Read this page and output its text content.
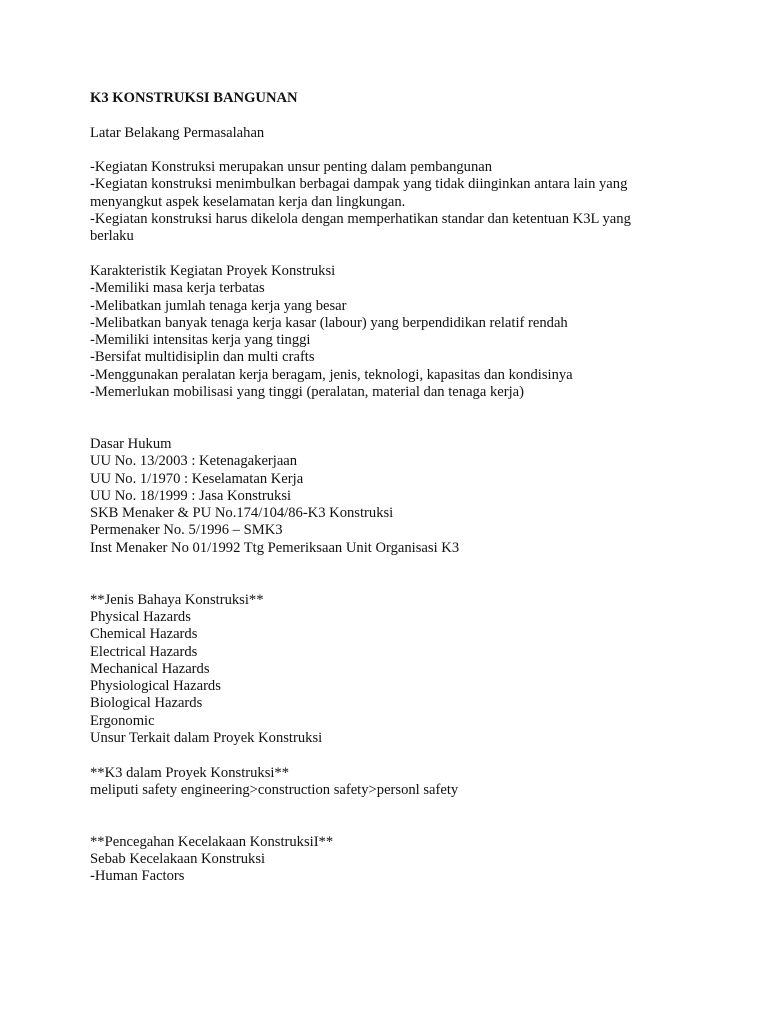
K3 KONSTRUKSI BANGUNAN
Latar Belakang Permasalahan
-Kegiatan Konstruksi merupakan unsur penting dalam pembangunan
-Kegiatan konstruksi menimbulkan berbagai dampak yang tidak diinginkan antara lain yang
menyangkut aspek keselamatan kerja dan lingkungan.
-Kegiatan konstruksi harus dikelola dengan memperhatikan standar dan ketentuan K3L yang
berlaku
Karakteristik Kegiatan Proyek Konstruksi
-Memiliki masa kerja terbatas
-Melibatkan jumlah tenaga kerja yang besar
-Melibatkan banyak tenaga kerja kasar (labour) yang berpendidikan relatif rendah
-Memiliki intensitas kerja yang tinggi
-Bersifat multidisiplin dan multi crafts
-Menggunakan peralatan kerja beragam, jenis, teknologi, kapasitas dan kondisinya
-Memerlukan mobilisasi yang tinggi (peralatan, material dan tenaga kerja)
Dasar Hukum
UU No. 13/2003 : Ketenagakerjaan
UU No. 1/1970 : Keselamatan Kerja
UU No. 18/1999 : Jasa Konstruksi
SKB Menaker & PU No.174/104/86-K3 Konstruksi
Permenaker No. 5/1996 – SMK3
Inst Menaker No 01/1992 Ttg Pemeriksaan Unit Organisasi K3
**Jenis Bahaya Konstruksi**
Physical Hazards
Chemical Hazards
Electrical Hazards
Mechanical Hazards
Physiological Hazards
Biological Hazards
Ergonomic
Unsur Terkait dalam Proyek Konstruksi
**K3 dalam Proyek Konstruksi**
meliputi safety engineering>construction safety>personl safety
**Pencegahan Kecelakaan KonstruksiI**
Sebab Kecelakaan Konstruksi
-Human Factors
